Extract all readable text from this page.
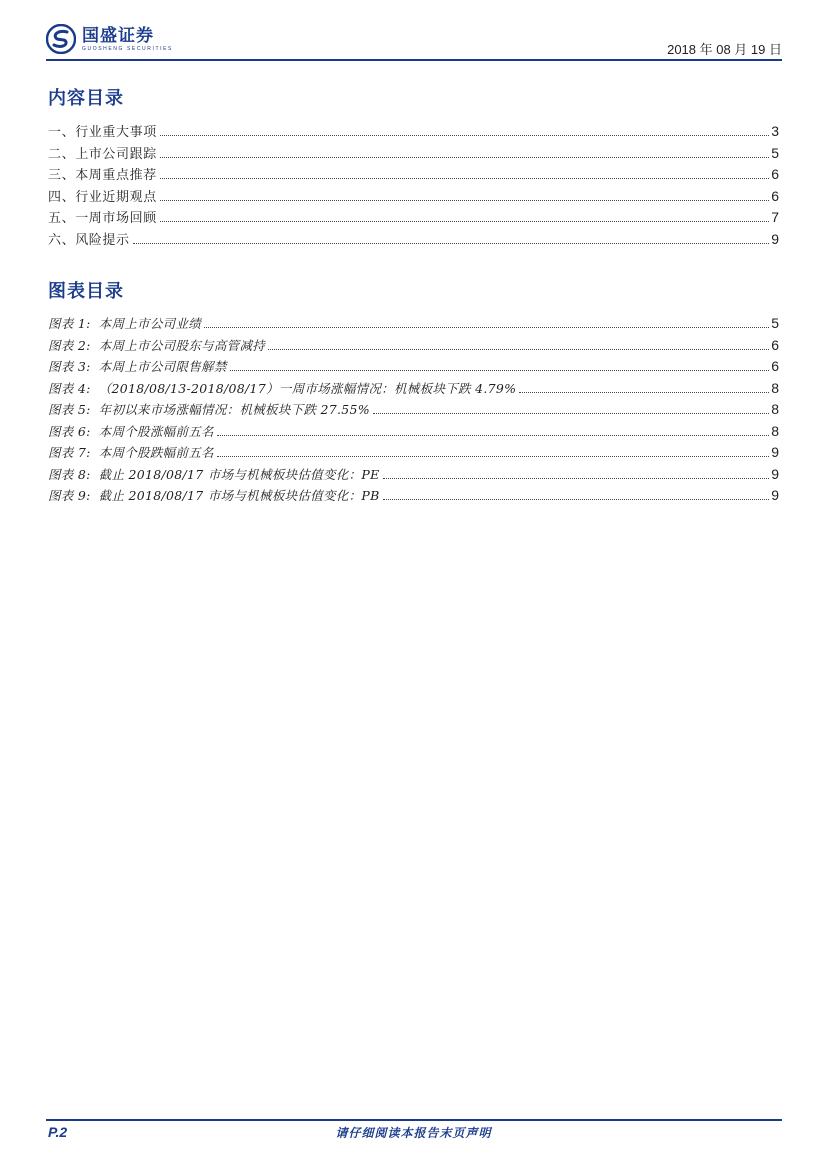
国盛证券
GUOSHENG SECURITIES	2018 年 08 月 19 日
内容目录
一、行业重大事项	3
二、上市公司跟踪	5
三、本周重点推荐	6
四、行业近期观点	6
五、一周市场回顾	7
六、风险提示	9
图表目录
图表 1: 本周上市公司业绩	5
图表 2: 本周上市公司股东与高管减持	6
图表 3: 本周上市公司限售解禁	6
图表 4: （2018/08/13-2018/08/17）一周市场涨幅情况：机械板块下跌 4.79%	8
图表 5: 年初以来市场涨幅情况：机械板块下跌 27.55%	8
图表 6: 本周个股涨幅前五名	8
图表 7: 本周个股跌幅前五名	9
图表 8: 截止 2018/08/17 市场与机械板块估值变化：PE	9
图表 9: 截止 2018/08/17 市场与机械板块估值变化：PB	9
P.2	请仔细阅读本报告末页声明
